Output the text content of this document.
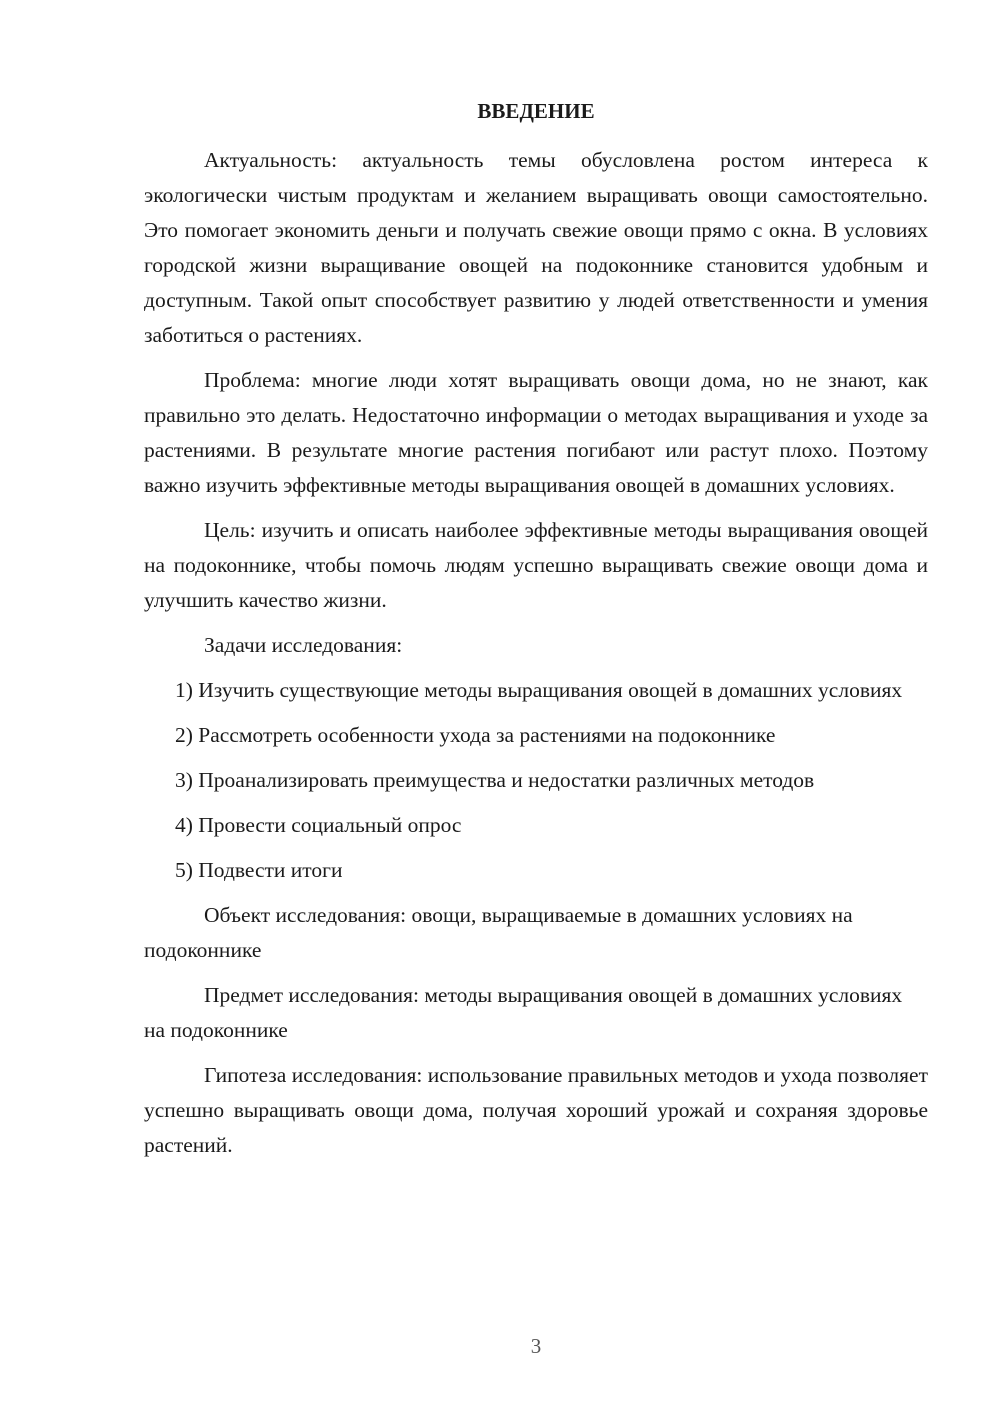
ВВЕДЕНИЕ

Актуальность: актуальность темы обусловлена ростом интереса к экологически чистым продуктам и желанием выращивать овощи самостоятельно. Это помогает экономить деньги и получать свежие овощи прямо с окна. В условиях городской жизни выращивание овощей на подоконнике становится удобным и доступным. Такой опыт способствует развитию у людей ответственности и умения заботиться о растениях.

Проблема: многие люди хотят выращивать овощи дома, но не знают, как правильно это делать. Недостаточно информации о методах выращивания и уходе за растениями. В результате многие растения погибают или растут плохо. Поэтому важно изучить эффективные методы выращивания овощей в домашних условиях.

Цель: изучить и описать наиболее эффективные методы выращивания овощей на подоконнике, чтобы помочь людям успешно выращивать свежие овощи дома и улучшить качество жизни.

Задачи исследования:

1) Изучить существующие методы выращивания овощей в домашних условиях

2) Рассмотреть особенности ухода за растениями на подоконнике

3) Проанализировать преимущества и недостатки различных методов

4) Провести социальный опрос

5) Подвести итоги

Объект исследования: овощи, выращиваемые в домашних условиях на подоконнике

Предмет исследования: методы выращивания овощей в домашних условиях на подоконнике

Гипотеза исследования: использование правильных методов и ухода позволяет успешно выращивать овощи дома, получая хороший урожай и сохраняя здоровье растений.

3
